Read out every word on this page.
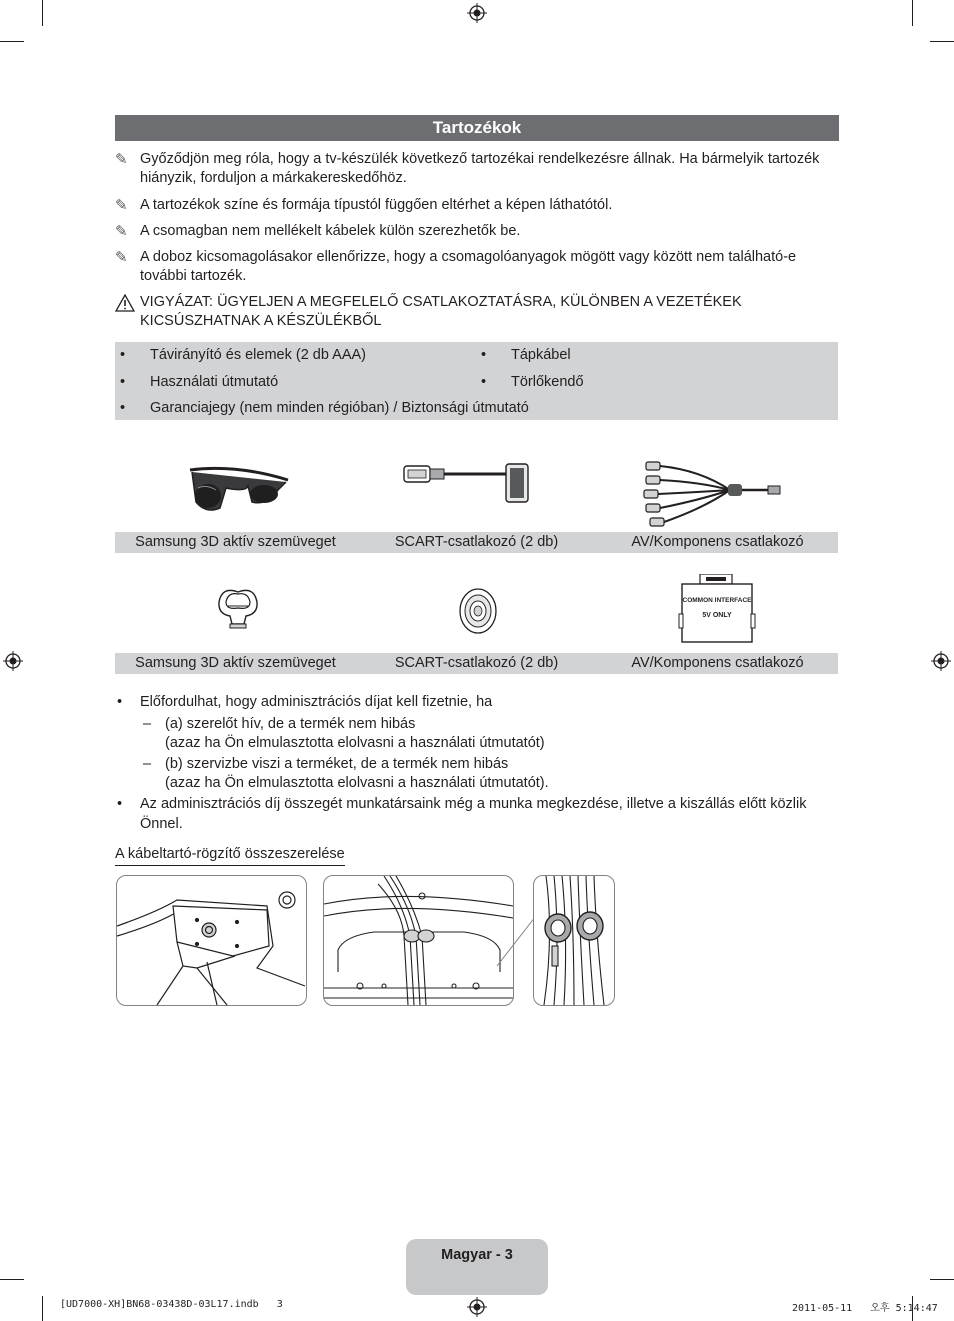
Tartozékok
✎ Győződjön meg róla, hogy a tv-készülék következő tartozékai rendelkezésre állnak. Ha bármelyik tartozék hiányzik, forduljon a márkakereskedőhöz.
✎ A tartozékok színe és formája típustól függően eltérhet a képen láthatótól.
✎ A csomagban nem mellékelt kábelek külön szerezhetők be.
✎ A doboz kicsomagolásakor ellenőrizze, hogy a csomagolóanyagok mögött vagy között nem található-e további tartozék.
VIGYÁZAT: ÜGYELJEN A MEGFELELŐ CSATLAKOZTATÁSRA, KÜLÖNBEN A VEZETÉKEK KICSÚSZHATNAK A KÉSZÜLÉKBŐL
• Távirányító és elemek (2 db AAA)
• Használati útmutató
• Garanciajegy (nem minden régióban) / Biztonsági útmutató
• Tápkábel
• Törlőkendő
Samsung 3D aktív szemüveget	SCART-csatlakozó (2 db)	AV/Komponens csatlakozó
COMMON INTERFACE
5V ONLY
Samsung 3D aktív szemüveget	SCART-csatlakozó (2 db)	AV/Komponens csatlakozó
• Előfordulhat, hogy adminisztrációs díjat kell fizetnie, ha
– (a) szerelőt hív, de a termék nem hibás
(azaz ha Ön elmulasztotta elolvasni a használati útmutatót)
– (b) szervizbe viszi a terméket, de a termék nem hibás
(azaz ha Ön elmulasztotta elolvasni a használati útmutatót).
• Az adminisztrációs díj összegét munkatársaink még a munka megkezdése, illetve a kiszállás előtt közlik Önnel.
A kábeltartó-rögzítő összeszerelése
Magyar - 3
[UD7000-XH]BN68-03438D-03L17.indb   3	2011-05-11   오후 5:14:47
